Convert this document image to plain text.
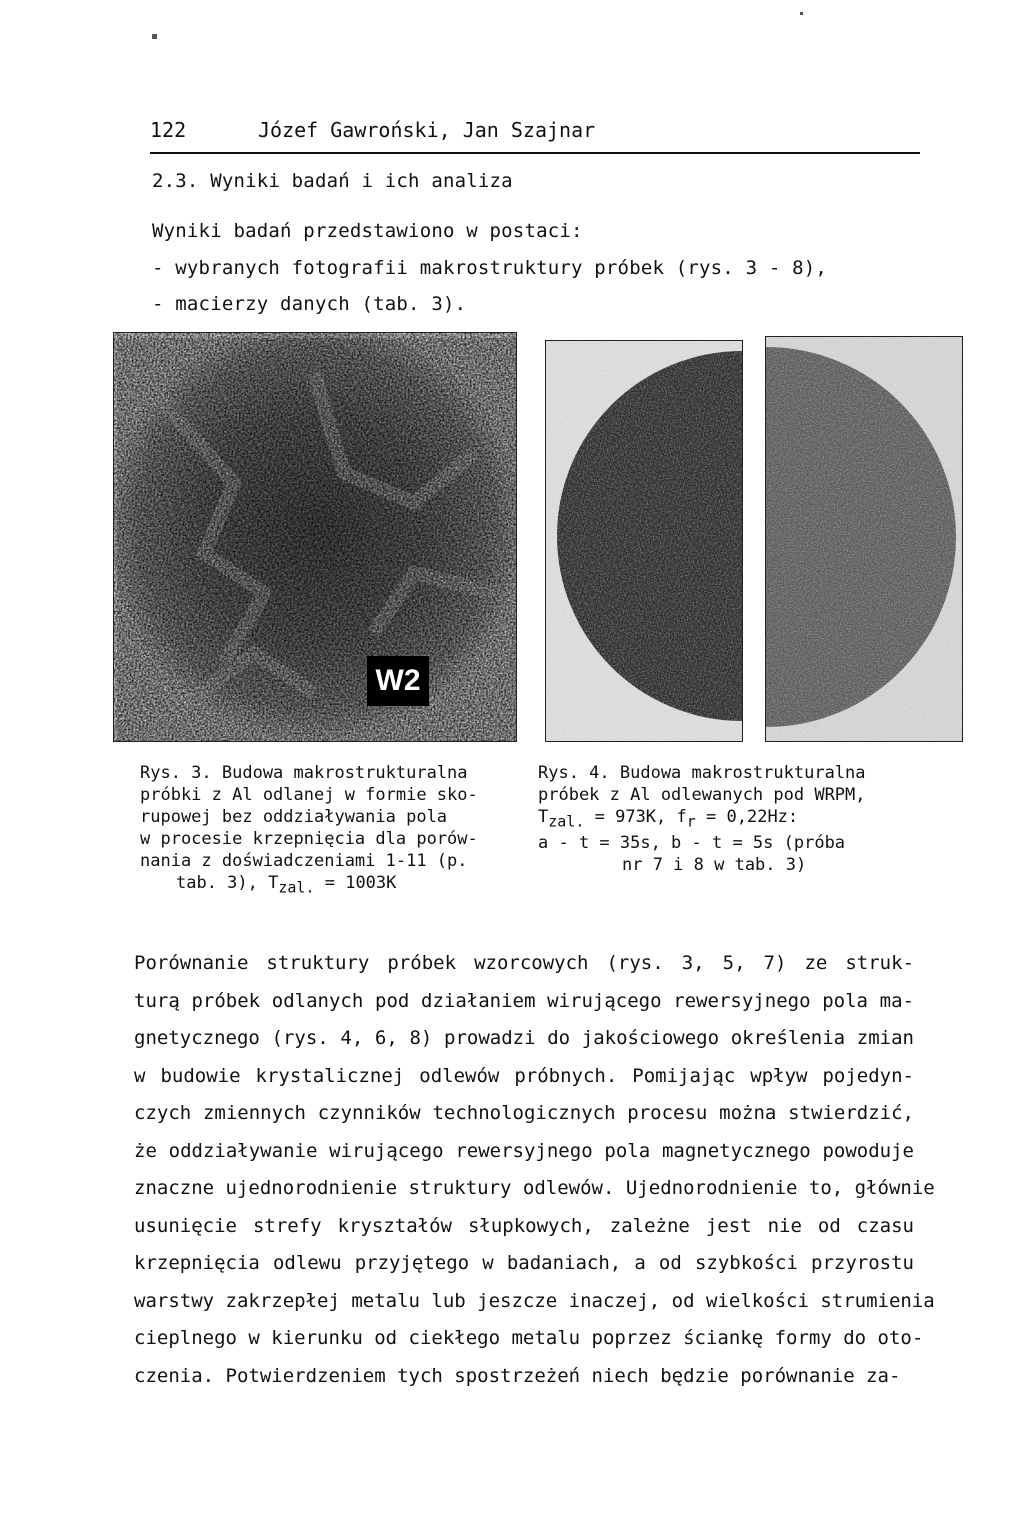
122	Józef Gawroński, Jan Szajnar
2.3. Wyniki badań i ich analiza
Wyniki badań przedstawiono w postaci:
- wybranych fotografii makrostruktury próbek (rys. 3 - 8),
- macierzy danych (tab. 3).
W2
Rys. 3. Budowa makrostrukturalna
próbki z Al odlanej w formie sko-
rupowej bez oddziaływania pola
w procesie krzepnięcia dla porów-
nania z doświadczeniami 1-11 (p.
tab. 3), $T_{zal.} = 1003K$
Rys. 4. Budowa makrostrukturalna
próbek z Al odlewanych pod WRPM,
$T_{zal.} = 973K$, $f_r = 0,22Hz$:
a - t = 35s, b - t = 5s (próba
nr 7 i 8 w tab. 3)
Porównanie struktury próbek wzorcowych (rys. 3, 5, 7) ze struk-
turą próbek odlanych pod działaniem wirującego rewersyjnego pola ma-
gnetycznego (rys. 4, 6, 8) prowadzi do jakościowego określenia zmian
w budowie krystalicznej odlewów próbnych. Pomijając wpływ pojedyn-
czych zmiennych czynników technologicznych procesu można stwierdzić,
że oddziaływanie wirującego rewersyjnego pola magnetycznego powoduje
znaczne ujednorodnienie struktury odlewów. Ujednorodnienie to, głównie
usunięcie strefy kryształów słupkowych, zależne jest nie od czasu
krzepnięcia odlewu przyjętego w badaniach, a od szybkości przyrostu
warstwy zakrzepłej metalu lub jeszcze inaczej, od wielkości strumienia
cieplnego w kierunku od ciekłego metalu poprzez ściankę formy do oto-
czenia. Potwierdzeniem tych spostrzeżeń niech będzie porównanie za-
